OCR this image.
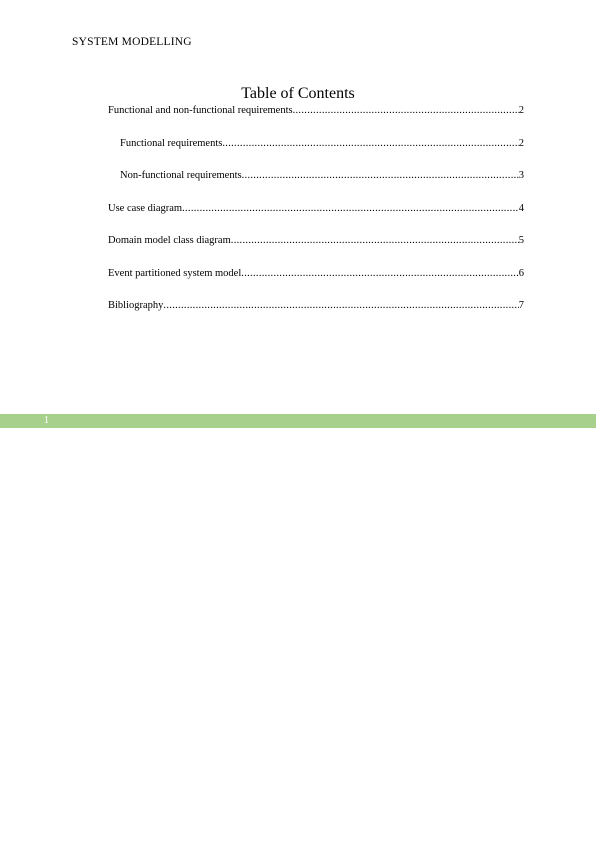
SYSTEM MODELLING
Table of Contents
Functional and non-functional requirements .....	2
Functional requirements .....	2
Non-functional requirements .....	3
Use case diagram .....	4
Domain model class diagram .....	5
Event partitioned system model .....	6
Bibliography .....	7
1
